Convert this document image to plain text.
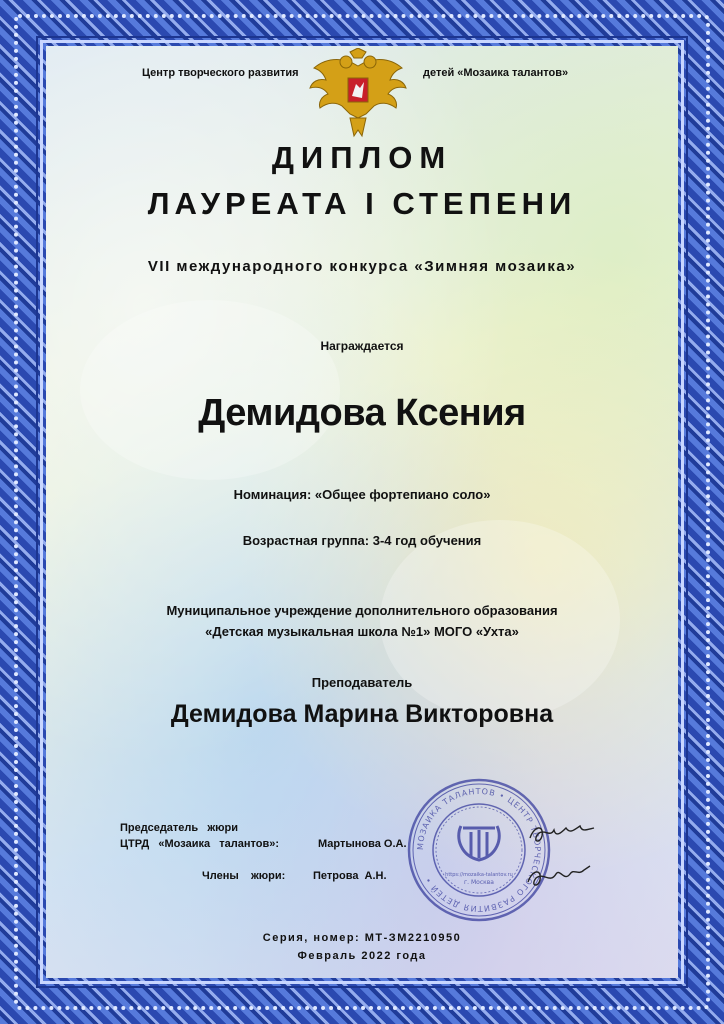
Центр творческого развития	детей «Мозаика талантов»
ДИПЛОМ
ЛАУРЕАТА I СТЕПЕНИ
VII международного конкурса «Зимняя мозаика»
Награждается
Демидова Ксения
Номинация: «Общее фортепиано соло»
Возрастная группа: 3-4 год обучения
Муниципальное учреждение дополнительного образования
«Детская музыкальная школа №1» МОГО «Ухта»
Преподаватель
Демидова Марина Викторовна
Председатель   жюри
ЦТРД   «Мозаика   талантов»:	Мартынова О.А.
Члены    жюри:	Петрова  А.Н.
МОЗАИКА ТАЛАНТОВ • ЦЕНТР ТВОРЧЕСКОГО РАЗВИТИЯ ДЕТЕЙ •	https://mozaika-talantov.ru
г. Москва
Серия, номер: МТ-ЗМ2210950
Февраль 2022 года
